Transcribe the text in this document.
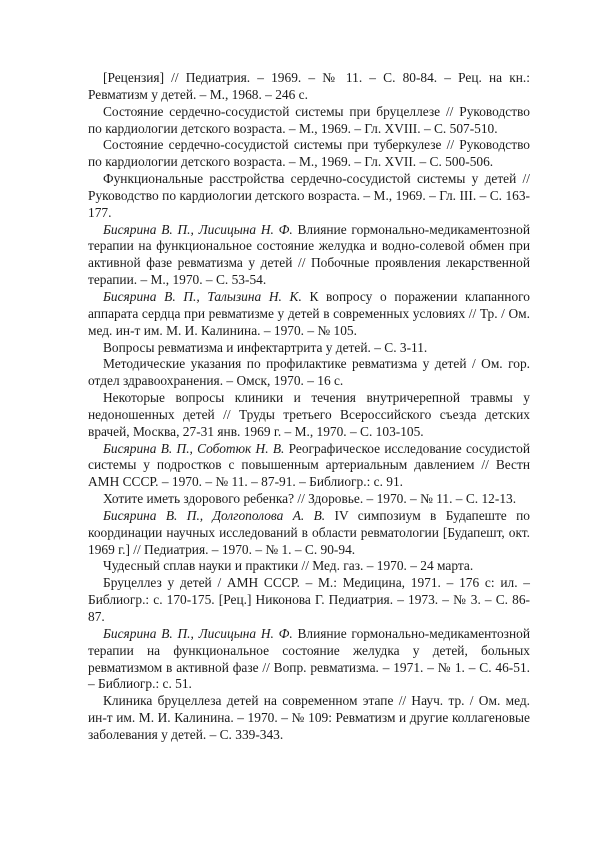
[Рецензия] // Педиатрия. – 1969. – № 11. – С. 80-84. – Рец. на кн.: Ревматизм у детей. – М., 1968. – 246 с.

Состояние сердечно-сосудистой системы при бруцеллезе // Руководство по кардиологии детского возраста. – М., 1969. – Гл. XVIII. – С. 507-510.

Состояние сердечно-сосудистой системы при туберкулезе // Руководство по кардиологии детского возраста. – М., 1969. – Гл. XVII. – С. 500-506.

Функциональные расстройства сердечно-сосудистой системы у детей // Руководство по кардиологии детского возраста. – М., 1969. – Гл. III. – С. 163-177.

Бисярина В. П., Лисицына Н. Ф. Влияние гормонально-медикаментозной терапии на функциональное состояние желудка и водно-солевой обмен при активной фазе ревматизма у детей // Побочные проявления лекарственной терапии. – М., 1970. – С. 53-54.

Бисярина В. П., Талызина Н. К. К вопросу о поражении клапанного аппарата сердца при ревматизме у детей в современных условиях // Тр. / Ом. мед. ин-т им. М. И. Калинина. – 1970. – № 105.

Вопросы ревматизма и инфектартрита у детей. – С. 3-11.

Методические указания по профилактике ревматизма у детей / Ом. гор. отдел здравоохранения. – Омск, 1970. – 16 с.

Некоторые вопросы клиники и течения внутричерепной травмы у недоношенных детей // Труды третьего Всероссийского съезда детских врачей, Москва, 27-31 янв. 1969 г. – М., 1970. – С. 103-105.

Бисярина В. П., Соботюк Н. В. Реографическое исследование сосудистой системы у подростков с повышенным артериальным давлением // Вестн АМН СССР. – 1970. – № 11. – 87-91. – Библиогр.: с. 91.

Хотите иметь здорового ребенка? // Здоровье. – 1970. – № 11. – С. 12-13.

Бисярина В. П., Долгополова А. В. IV симпозиум в Будапеште по координации научных исследований в области ревматологии [Будапешт, окт. 1969 г.] // Педиатрия. – 1970. – № 1. – С. 90-94.

Чудесный сплав науки и практики // Мед. газ. – 1970. – 24 марта.

Бруцеллез у детей / АМН СССР. – М.: Медицина, 1971. – 176 с: ил. – Библиогр.: с. 170-175. [Рец.] Никонова Г. Педиатрия. – 1973. – № 3. – С. 86-87.

Бисярина В. П., Лисицына Н. Ф. Влияние гормонально-медикаментозной терапии на функциональное состояние желудка у детей, больных ревматизмом в активной фазе // Вопр. ревматизма. – 1971. – № 1. – С. 46-51. – Библиогр.: с. 51.

Клиника бруцеллеза детей на современном этапе // Науч. тр. / Ом. мед. ин-т им. М. И. Калинина. – 1970. – № 109: Ревматизм и другие коллагеновые заболевания у детей. – С. 339-343.
